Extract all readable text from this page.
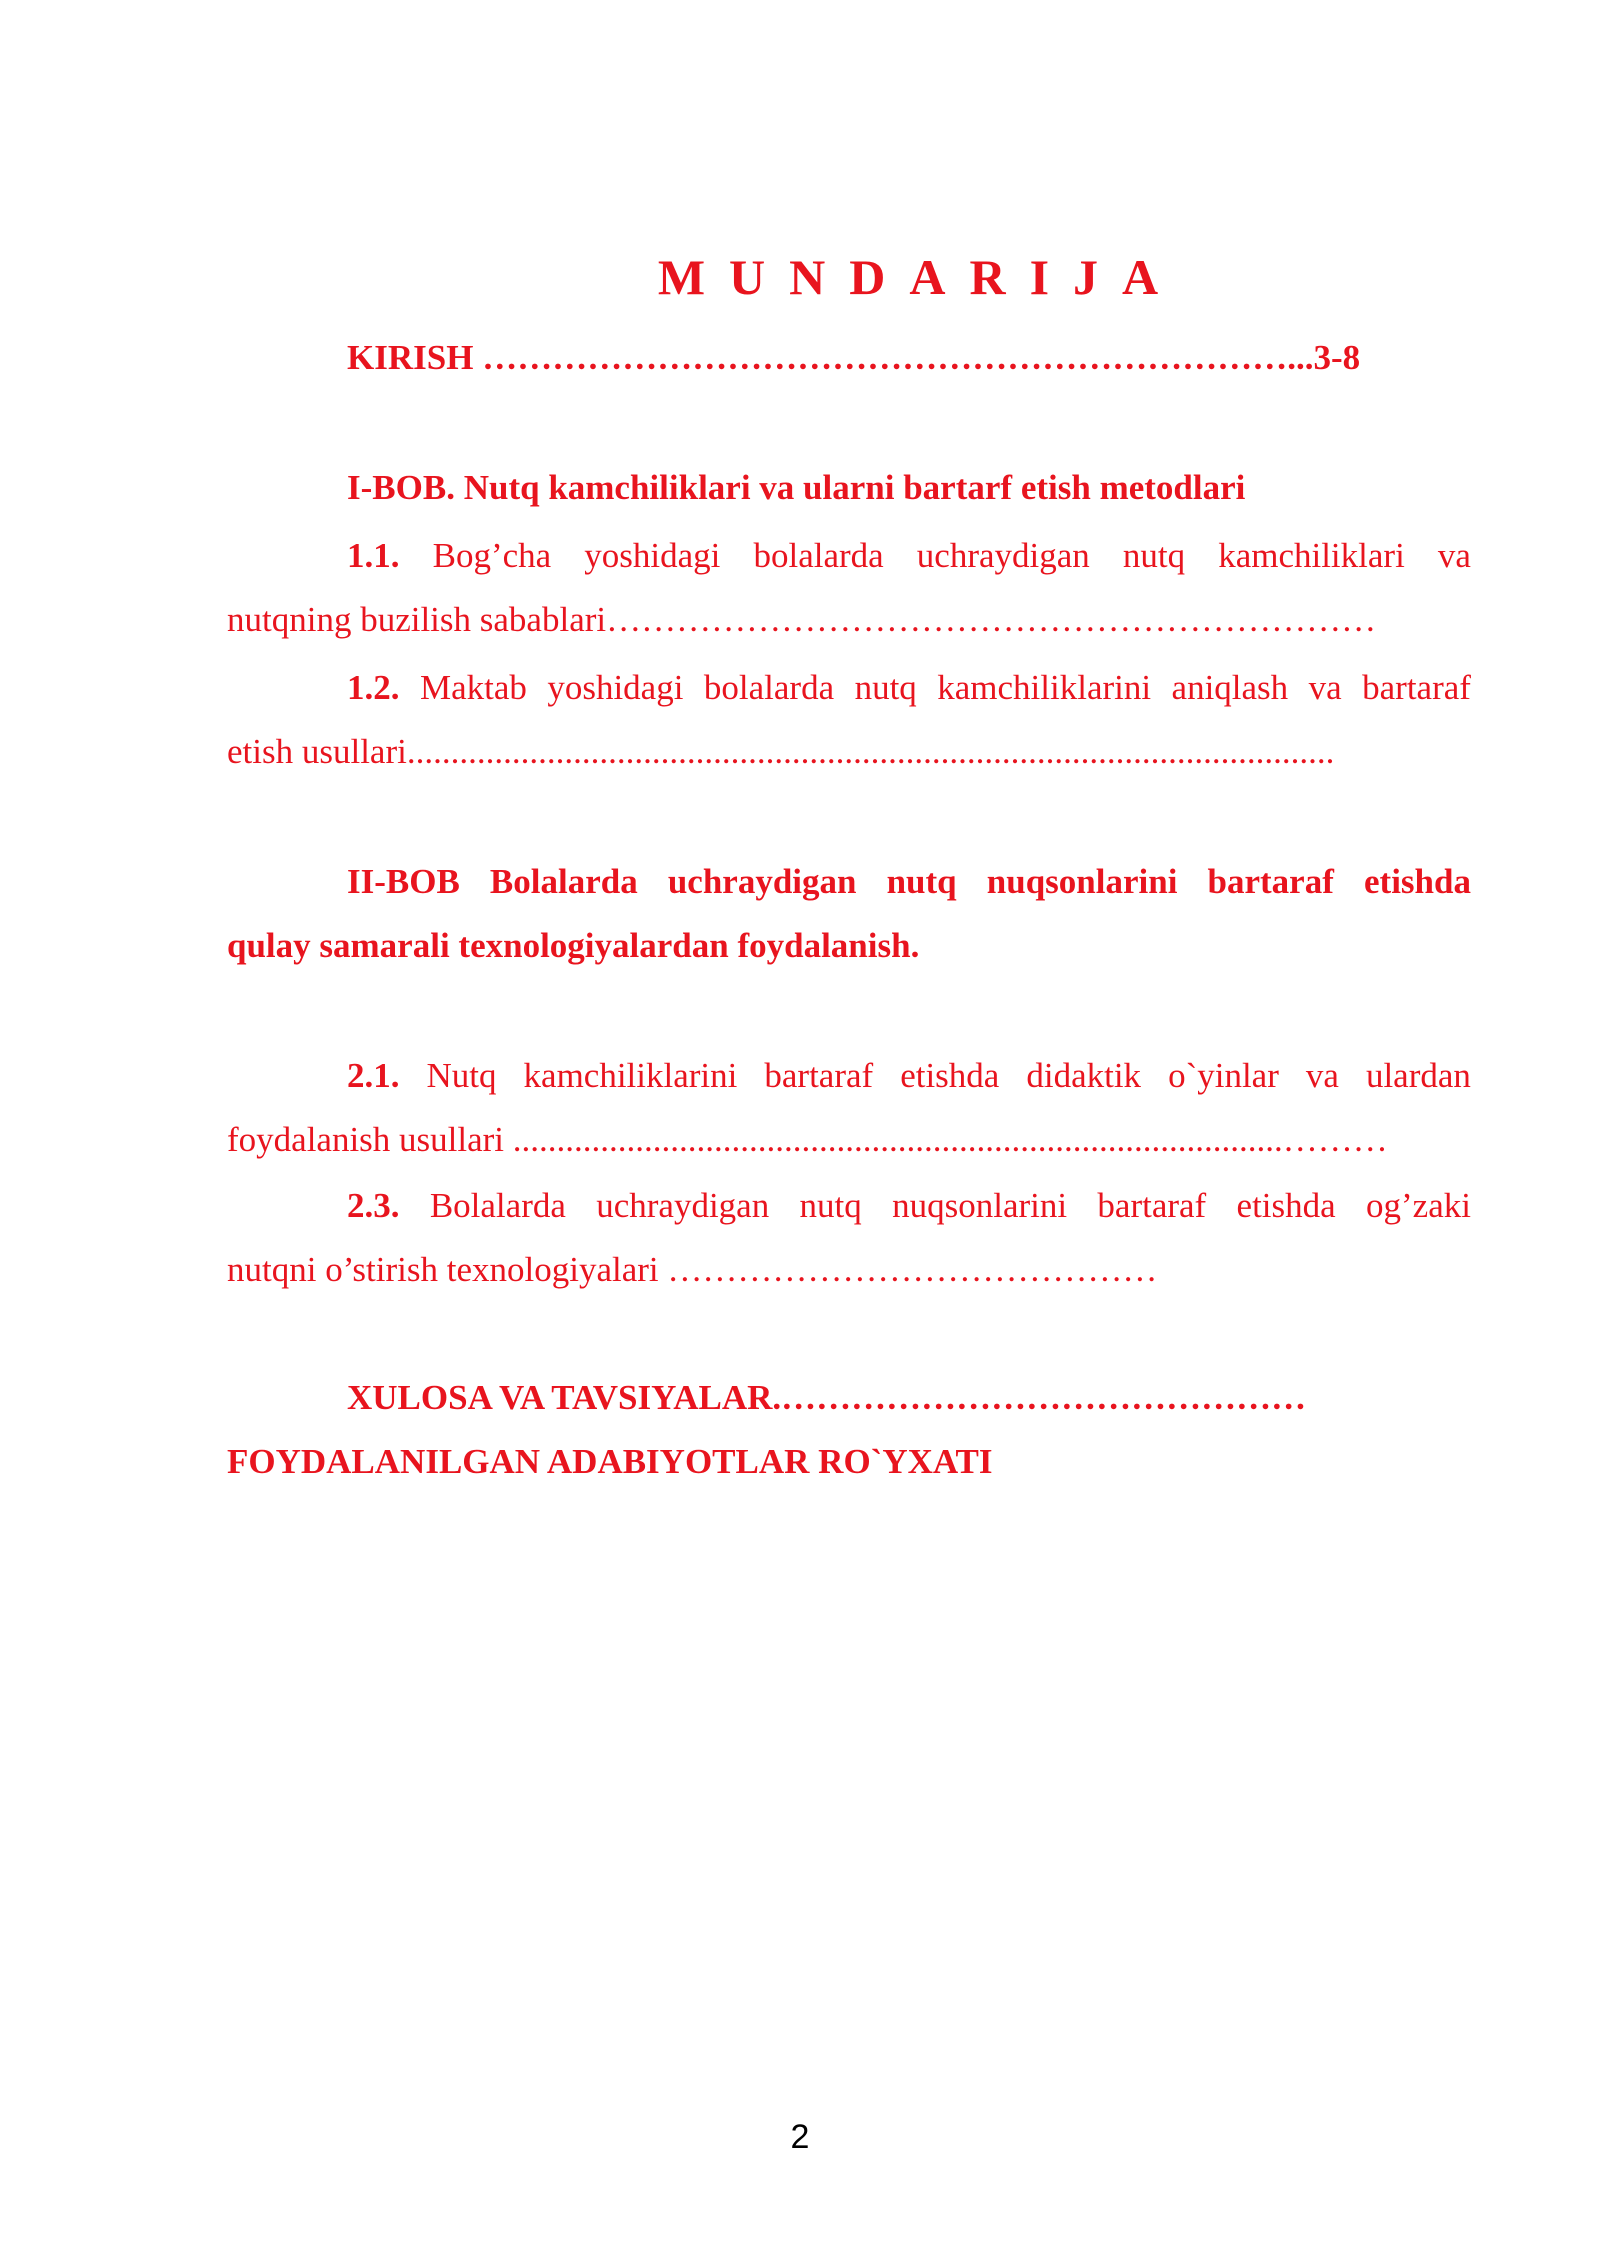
MUNDARIJA
KIRISH ……………………………………………………………...3-8
I-BOB. Nutq kamchiliklari va ularni bartarf etish metodlari
1.1. Bog’cha yoshidagi bolalarda uchraydigan nutq kamchiliklari va
nutqning buzilish sabablari…………………………………………………………
1.2. Maktab yoshidagi bolalarda nutq kamchiliklarini aniqlash va bartaraf
etish usullari..........................................................................................................
II-BOB Bolalarda uchraydigan nutq nuqsonlarini bartaraf etishda
qulay samarali texnologiyalardan foydalanish.
2.1. Nutq kamchiliklarini bartaraf etishda didaktik o`yinlar va ulardan
foydalanish usullari ........................................................................................………
2.3. Bolalarda uchraydigan nutq nuqsonlarini bartaraf etishda og’zaki
nutqni o’stirish texnologiyalari ……………………………………
XULOSA VA TAVSIYALAR.………………………………………
FOYDALANILGAN ADABIYOTLAR RO`YXATI
2
